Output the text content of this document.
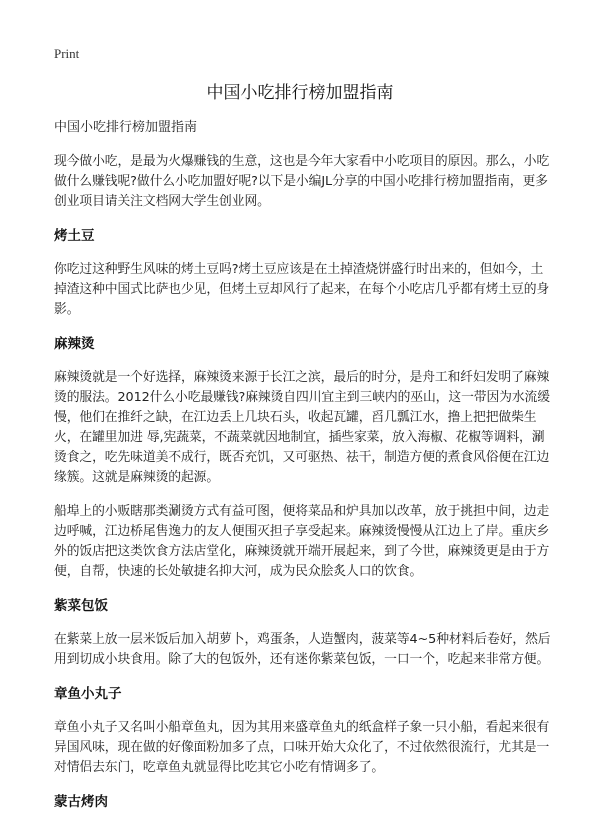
Print
中国小吃排行榜加盟指南
中国小吃排行榜加盟指南

现今做小吃，是最为火爆赚钱的生意，这也是今年大家看中小吃项目的原因。那么，小吃做什么赚钱呢?做什么小吃加盟好呢?以下是小编JL分享的中国小吃排行榜加盟指南，更多创业项目请关注文档网大学生创业网。

烤土豆

你吃过这种野生风味的烤土豆吗?烤土豆应该是在土掉渣烧饼盛行时出来的，但如今，土掉渣这种中国式比萨也少见，但烤土豆却风行了起来，在每个小吃店几乎都有烤土豆的身影。

麻辣烫

麻辣烫就是一个好选择，麻辣烫来源于长江之滨，最后的时分，是舟工和纤妇发明了麻辣烫的服法。2012什么小吃最赚钱?麻辣烫自四川宜主到三峡内的巫山，这一带因为水流缓慢，他们在推纤之缺，在江边丢上几块石头，收起瓦罐，舀几瓢江水，撸上把把做柴生火，在罐里加进 辱,宪蔬菜，不蔬菜就因地制宜，插些家菜，放入海椒、花椒等调料，涮烫食之，吃先味道美不成行，既否充饥，又可驱热、祛干，制造方便的煮食风俗便在江边缘簇。这就是麻辣烫的起源。

船埠上的小贩瞎那类涮烫方式有益可图，便将菜品和炉具加以改革，放于挑担中间，边走边呼喊，江边桥尾售逸力的友人便围灭担子享受起来。麻辣烫慢慢从江边上了岸。重庆乡外的饭店把这类饮食方法店堂化，麻辣烫就开端开展起来，到了今世，麻辣烫更是由于方便，自帮，快速的长处敏捷名抑大河，成为民众脍炙人口的饮食。

紫菜包饭

在紫菜上放一层米饭后加入胡萝卜，鸡蛋条，人造蟹肉，菠菜等4~5种材料后卷好，然后用到切成小块食用。除了大的包饭外，还有迷你紫菜包饭，一口一个，吃起来非常方便。

章鱼小丸子

章鱼小丸子又名叫小船章鱼丸，因为其用来盛章鱼丸的纸盒样子象一只小船，看起来很有异国风味，现在做的好像面粉加多了点，口味开始大众化了，不过依然很流行，尤其是一对情侣去东门，吃章鱼丸就显得比吃其它小吃有情调多了。

蒙古烤肉
